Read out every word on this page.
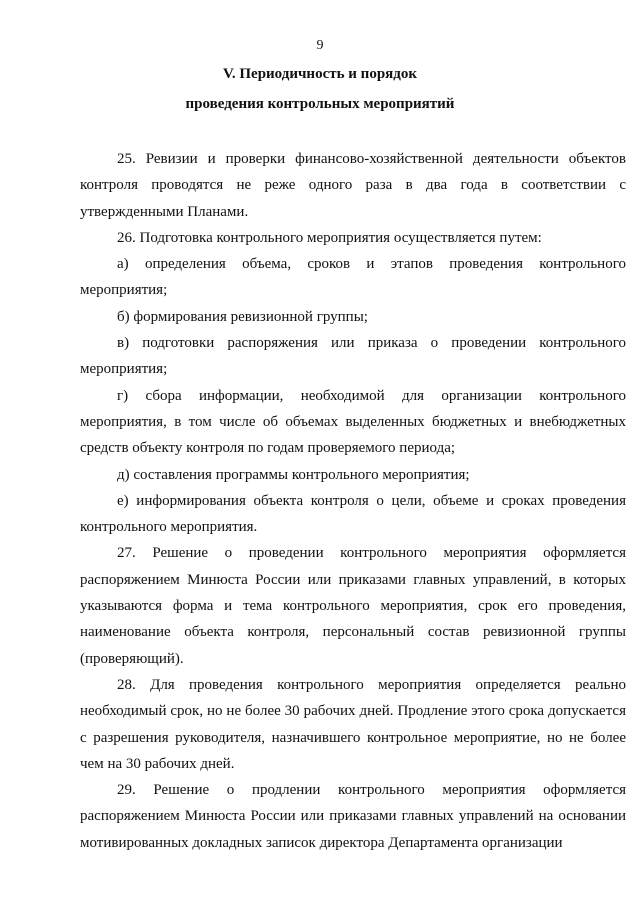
9
V. Периодичность и порядок
проведения контрольных мероприятий

25. Ревизии и проверки финансово-хозяйственной деятельности объектов контроля проводятся не реже одного раза в два года в соответствии с утвержденными Планами.

26. Подготовка контрольного мероприятия осуществляется путем:

а) определения объема, сроков и этапов проведения контрольного мероприятия;

б) формирования ревизионной группы;

в) подготовки распоряжения или приказа о проведении контрольного мероприятия;

г) сбора информации, необходимой для организации контрольного мероприятия, в том числе об объемах выделенных бюджетных и внебюджетных средств объекту контроля по годам проверяемого периода;

д) составления программы контрольного мероприятия;

е) информирования объекта контроля о цели, объеме и сроках проведения контрольного мероприятия.

27. Решение о проведении контрольного мероприятия оформляется распоряжением Минюста России или приказами главных управлений, в которых указываются форма и тема контрольного мероприятия, срок его проведения, наименование объекта контроля, персональный состав ревизионной группы (проверяющий).

28. Для проведения контрольного мероприятия определяется реально необходимый срок, но не более 30 рабочих дней. Продление этого срока допускается с разрешения руководителя, назначившего контрольное мероприятие, но не более чем на 30 рабочих дней.

29. Решение о продлении контрольного мероприятия оформляется распоряжением Минюста России или приказами главных управлений на основании мотивированных докладных записок директора Департамента организации
